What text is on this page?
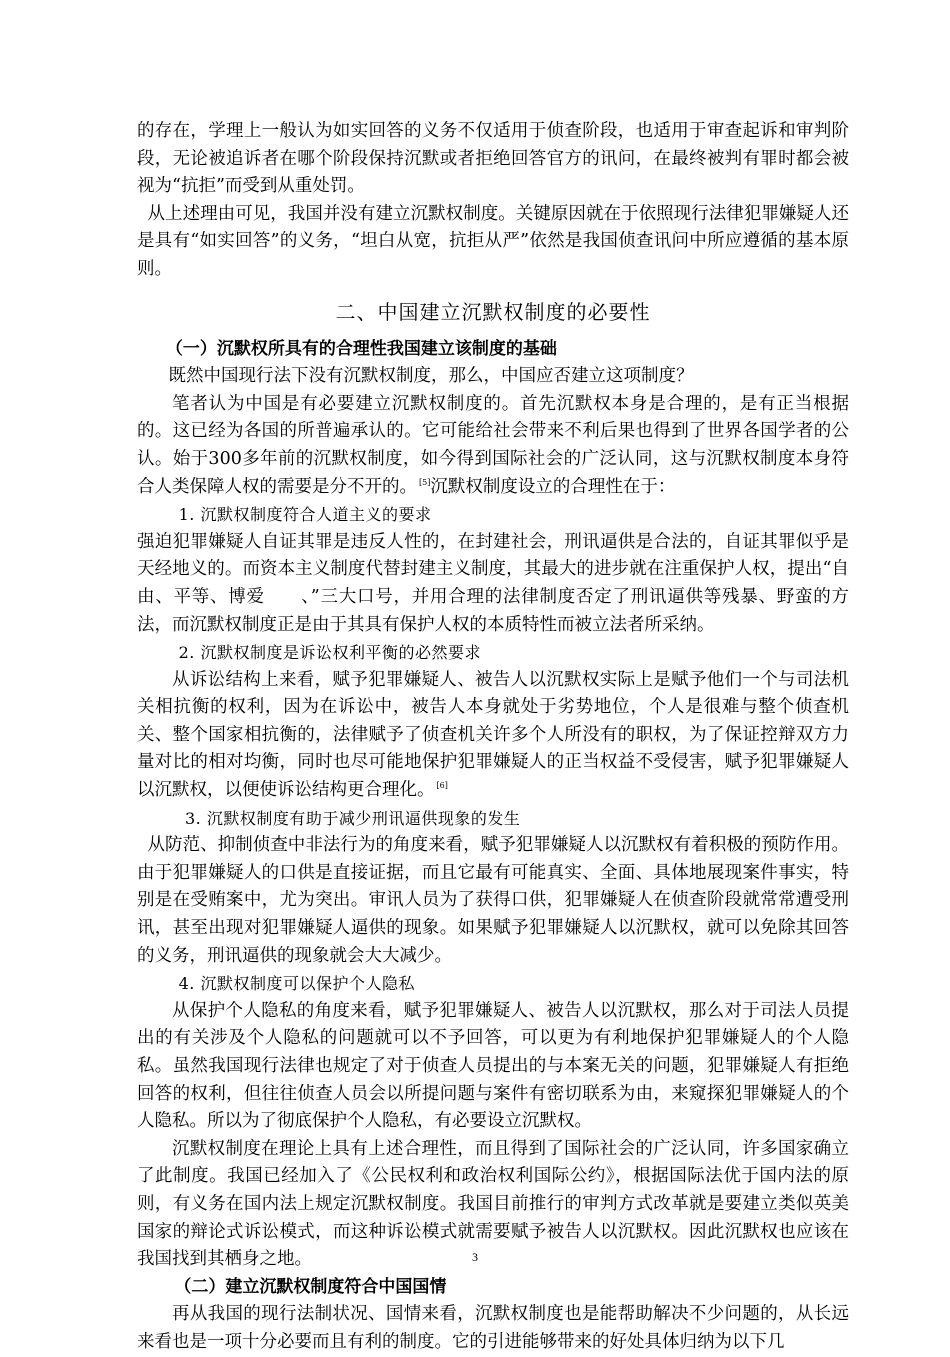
的存在，学理上一般认为如实回答的义务不仅适用于侦查阶段，也适用于审查起诉和审判阶段，无论被追诉者在哪个阶段保持沉默或者拒绝回答官方的讯问，在最终被判有罪时都会被视为“抗拒”而受到从重处罚。

从上述理由可见，我国并没有建立沉默权制度。关键原因就在于依照现行法律犯罪嫌疑人还是具有“如实回答”的义务，“坦白从宽，抗拒从严”依然是我国侦查讯问中所应遵循的基本原则。

二、中国建立沉默权制度的必要性

（一）沉默权所具有的合理性我国建立该制度的基础

既然中国现行法下没有沉默权制度，那么，中国应否建立这项制度？

笔者认为中国是有必要建立沉默权制度的。首先沉默权本身是合理的，是有正当根据的。这已经为各国的所普遍承认的。它可能给社会带来不利后果也得到了世界各国学者的公认。始于300多年前的沉默权制度，如今得到国际社会的广泛认同，这与沉默权制度本身符合人类保障人权的需要是分不开的。 [5]沉默权制度设立的合理性在于：

1. 沉默权制度符合人道主义的要求

强迫犯罪嫌疑人自证其罪是违反人性的，在封建社会，刑讯逼供是合法的，自证其罪似乎是天经地义的。而资本主义制度代替封建主义制度，其最大的进步就在注重保护人权，提出“自由、平等、博爱　　、”三大口号，并用合理的法律制度否定了刑讯逼供等残暴、野蛮的方法，而沉默权制度正是由于其具有保护人权的本质特性而被立法者所采纳。

2. 沉默权制度是诉讼权利平衡的必然要求

从诉讼结构上来看，赋予犯罪嫌疑人、被告人以沉默权实际上是赋予他们一个与司法机关相抗衡的权利，因为在诉讼中，被告人本身就处于劣势地位，个人是很难与整个侦查机关、整个国家相抗衡的，法律赋予了侦查机关许多个人所没有的职权，为了保证控辩双方力量对比的相对均衡，同时也尽可能地保护犯罪嫌疑人的正当权益不受侵害，赋予犯罪嫌疑人以沉默权，以便使诉讼结构更合理化。 [6]

3. 沉默权制度有助于减少刑讯逼供现象的发生

从防范、抑制侦查中非法行为的角度来看，赋予犯罪嫌疑人以沉默权有着积极的预防作用。由于犯罪嫌疑人的口供是直接证据，而且它最有可能真实、全面、具体地展现案件事实，特别是在受贿案中，尤为突出。审讯人员为了获得口供，犯罪嫌疑人在侦查阶段就常常遭受刑讯，甚至出现对犯罪嫌疑人逼供的现象。如果赋予犯罪嫌疑人以沉默权，就可以免除其回答的义务，刑讯逼供的现象就会大大减少。

4. 沉默权制度可以保护个人隐私

从保护个人隐私的角度来看，赋予犯罪嫌疑人、被告人以沉默权，那么对于司法人员提出的有关涉及个人隐私的问题就可以不予回答，可以更为有利地保护犯罪嫌疑人的个人隐私。虽然我国现行法律也规定了对于侦查人员提出的与本案无关的问题，犯罪嫌疑人有拒绝回答的权利，但往往侦查人员会以所提问题与案件有密切联系为由，来窥探犯罪嫌疑人的个人隐私。所以为了彻底保护个人隐私，有必要设立沉默权。

沉默权制度在理论上具有上述合理性，而且得到了国际社会的广泛认同，许多国家确立了此制度。我国已经加入了《公民权利和政治权利国际公约》，根据国际法优于国内法的原则，有义务在国内法上规定沉默权制度。我国目前推行的审判方式改革就是要建立类似英美国家的辩论式诉讼模式，而这种诉讼模式就需要赋予被告人以沉默权。因此沉默权也应该在我国找到其栖身之地。

（二）建立沉默权制度符合中国国情

再从我国的现行法制状况、国情来看，沉默权制度也是能帮助解决不少问题的，从长远来看也是一项十分必要而且有利的制度。它的引进能够带来的好处具体归纳为以下几

3
